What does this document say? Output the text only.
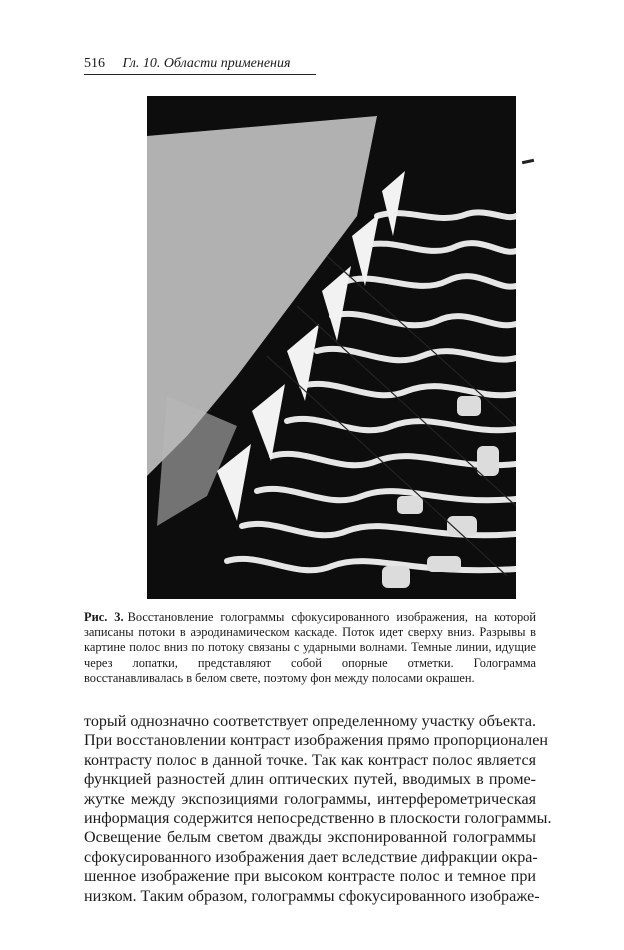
516 Гл. 10. Области применения
Рис. 3. Восстановление голограммы сфокусированного изображения, на которой записаны потоки в аэродинамическом каскаде. Поток идет сверху вниз. Разрывы в картине полос вниз по потоку связаны с ударными волнами. Темные линии, идущие через лопатки, представляют собой опорные отметки. Голограмма восстанавливалась в белом свете, поэтому фон между полосами окрашен.
торый однозначно соответствует определенному участку объекта.
При восстановлении контраст изображения прямо пропорционален
контрасту полос в данной точке. Так как контраст полос является
функцией разностей длин оптических путей, вводимых в проме-
жутке между экспозициями голограммы, интерферометрическая
информация содержится непосредственно в плоскости голограммы.
Освещение белым светом дважды экспонированной голограммы
сфокусированного изображения дает вследствие дифракции окра-
шенное изображение при высоком контрасте полос и темное при
низком. Таким образом, голограммы сфокусированного изображе-
